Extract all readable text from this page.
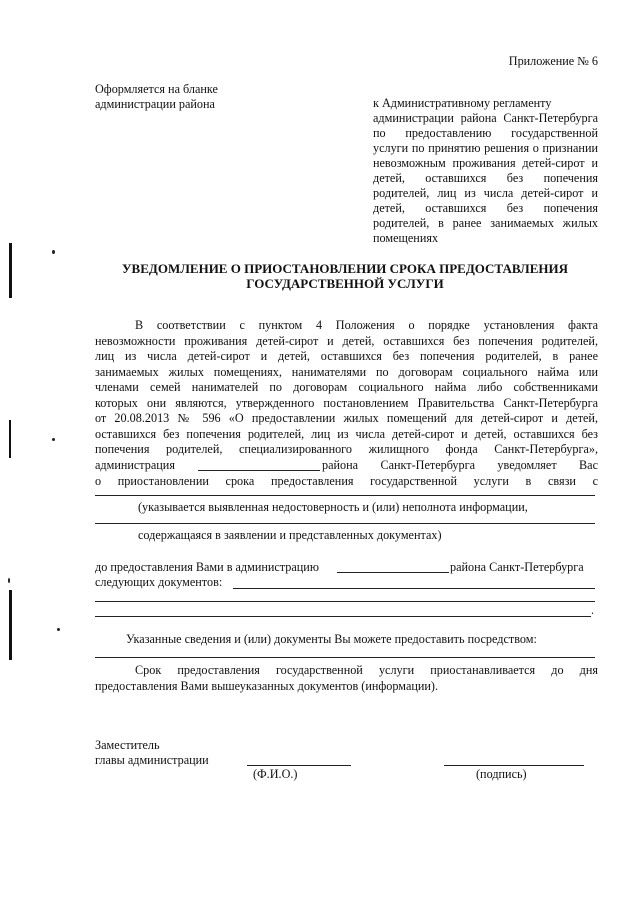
Приложение № 6
Оформляется на бланке
администрации района	к Административному регламенту
администрации района Санкт-Петербурга
по предоставлению государственной
услуги по принятию решения о признании
невозможным проживания детей-сирот и
детей, оставшихся без попечения
родителей, лиц из числа детей-сирот и
детей, оставшихся без попечения
родителей, в ранее занимаемых жилых
помещениях
УВЕДОМЛЕНИЕ О ПРИОСТАНОВЛЕНИИ СРОКА ПРЕДОСТАВЛЕНИЯ
ГОСУДАРСТВЕННОЙ УСЛУГИ
В соответствии с пунктом 4 Положения о порядке установления факта
невозможности проживания детей-сирот и детей, оставшихся без попечения родителей,
лиц из числа детей-сирот и детей, оставшихся без попечения родителей, в ранее
занимаемых жилых помещениях, нанимателями по договорам социального найма или
членами семей нанимателей по договорам социального найма либо собственниками
которых они являются, утвержденного постановлением Правительства Санкт-Петербурга
от 20.08.2013 № 596 «О предоставлении жилых помещений для детей-сирот и детей,
оставшихся без попечения родителей, лиц из числа детей-сирот и детей, оставшихся без
попечения родителей, специализированного жилищного фонда Санкт-Петербурга»,
администрация	района Санкт-Петербурга уведомляет Вас
о приостановлении срока предоставления государственной услуги в связи с
(указывается выявленная недостоверность и (или) неполнота информации,
содержащаяся в заявлении и представленных документах)
до предоставления Вами в администрацию	района Санкт-Петербурга
следующих документов:
.
Указанные сведения и (или) документы Вы можете предоставить посредством:
Срок предоставления государственной услуги приостанавливается до дня
предоставления Вами вышеуказанных документов (информации).
Заместитель
главы администрации
(Ф.И.О.)	(подпись)
